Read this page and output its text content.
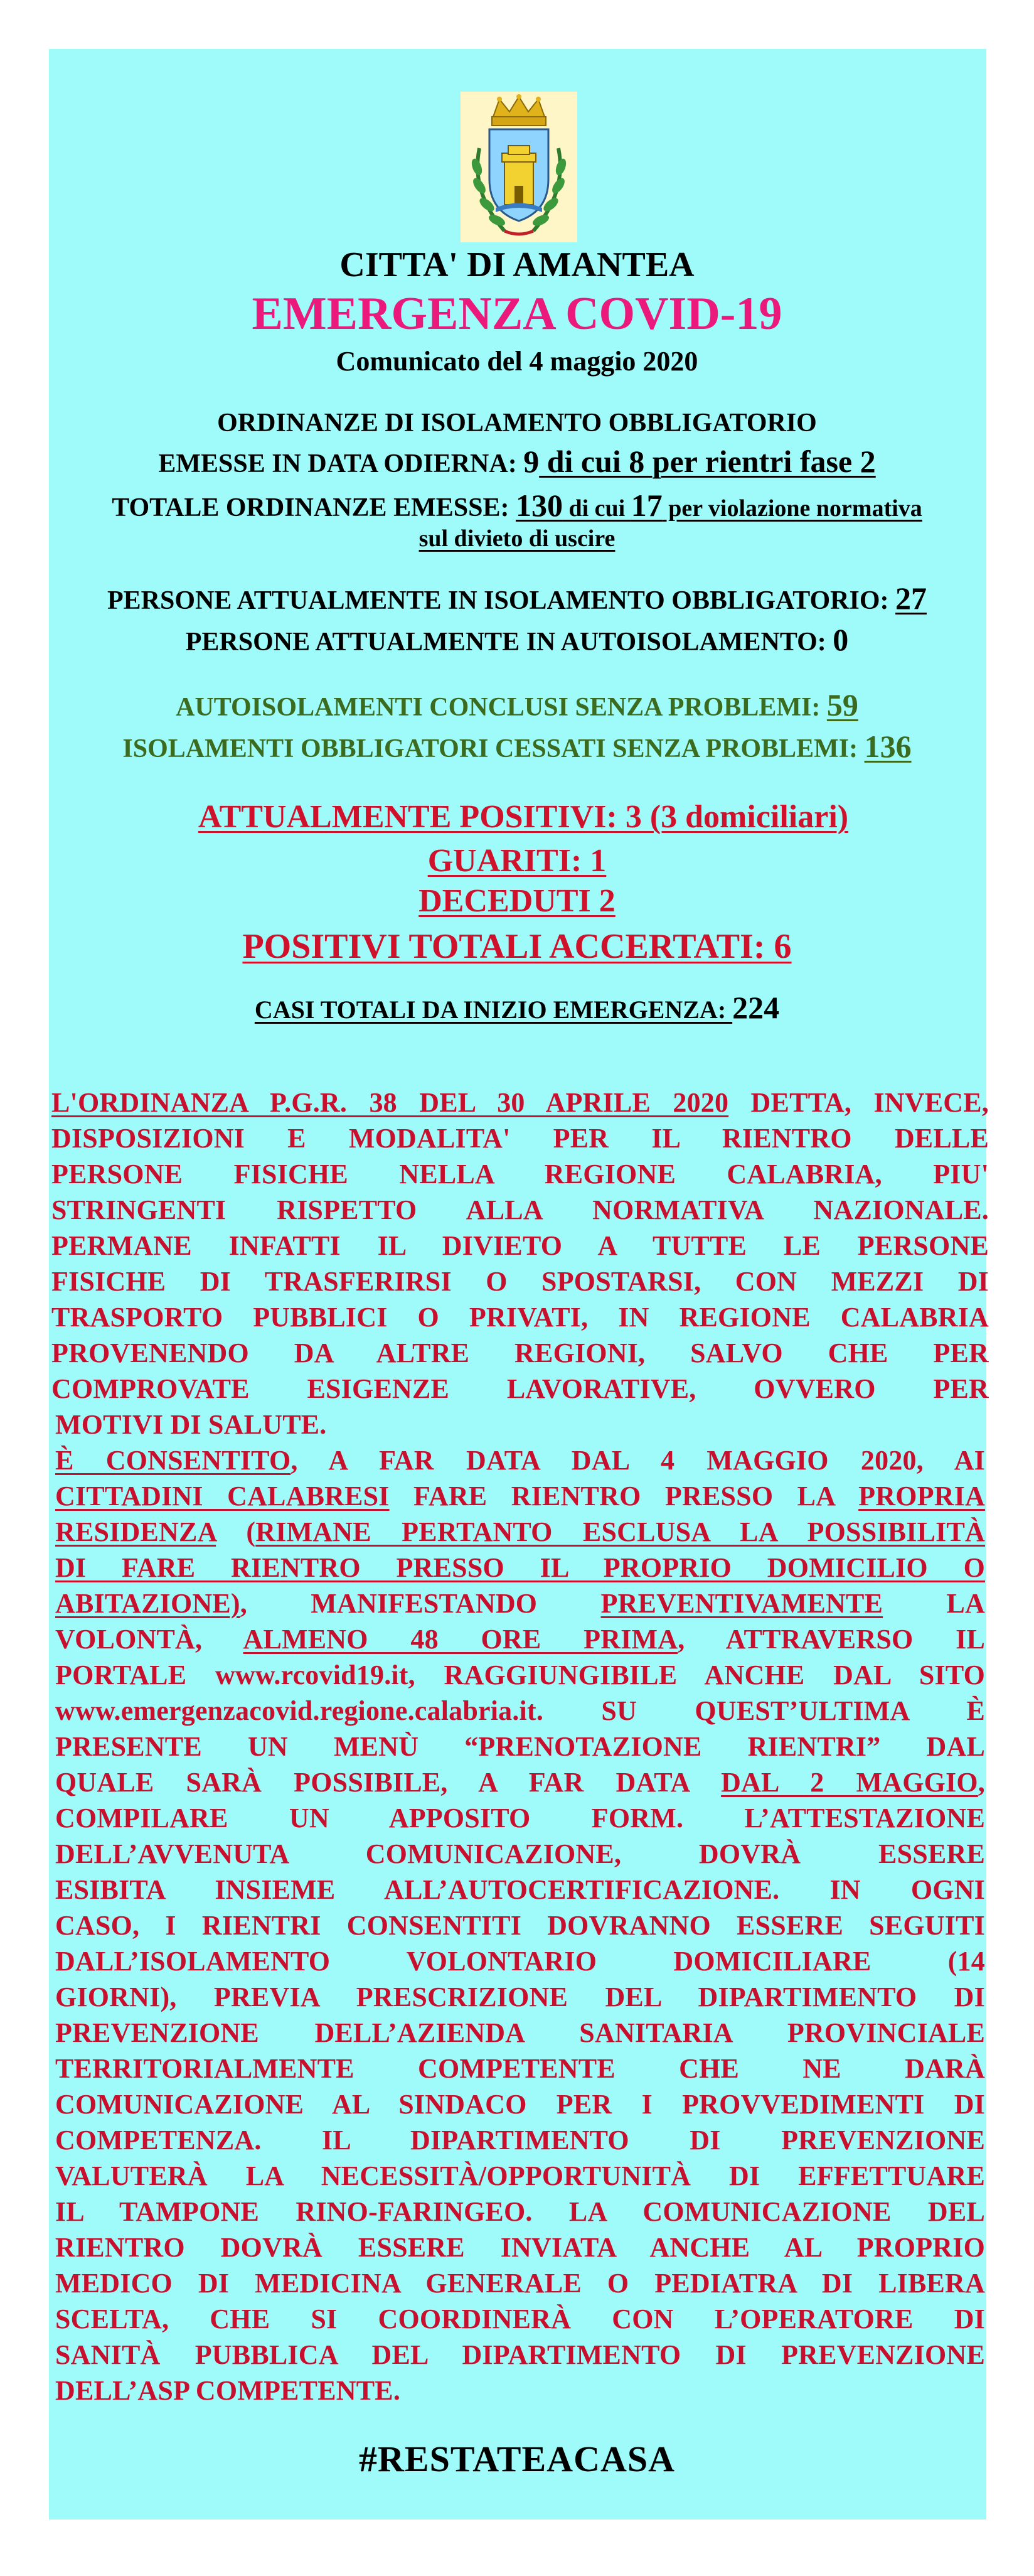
CITTA' DI AMANTEA
EMERGENZA COVID-19
Comunicato del 4 maggio 2020
ORDINANZE DI ISOLAMENTO OBBLIGATORIO
EMESSE IN DATA ODIERNA: 9 di cui 8 per rientri fase 2
TOTALE ORDINANZE EMESSE: 130 di cui 17 per violazione normativa
sul divieto di uscire
PERSONE ATTUALMENTE IN ISOLAMENTO OBBLIGATORIO: 27
PERSONE ATTUALMENTE IN AUTOISOLAMENTO: 0
AUTOISOLAMENTI CONCLUSI SENZA PROBLEMI: 59
ISOLAMENTI OBBLIGATORI CESSATI SENZA PROBLEMI: 136
ATTUALMENTE POSITIVI: 3 (3 domiciliari)
GUARITI: 1
DECEDUTI 2
POSITIVI TOTALI ACCERTATI: 6
CASI TOTALI DA INIZIO EMERGENZA: 224
L'ORDINANZA P.G.R. 38 DEL 30 APRILE 2020 DETTA, INVECE,
DISPOSIZIONI E MODALITA' PER IL RIENTRO DELLE
PERSONE FISICHE NELLA REGIONE CALABRIA, PIU'
STRINGENTI RISPETTO ALLA NORMATIVA NAZIONALE.
PERMANE INFATTI IL DIVIETO A TUTTE LE PERSONE
FISICHE DI TRASFERIRSI O SPOSTARSI, CON MEZZI DI
TRASPORTO PUBBLICI O PRIVATI, IN REGIONE CALABRIA
PROVENENDO DA ALTRE REGIONI, SALVO CHE PER
COMPROVATE ESIGENZE LAVORATIVE, OVVERO PER
MOTIVI DI SALUTE.
È CONSENTITO, A FAR DATA DAL 4 MAGGIO 2020, AI
CITTADINI CALABRESI FARE RIENTRO PRESSO LA PROPRIA
RESIDENZA (RIMANE PERTANTO ESCLUSA LA POSSIBILITÀ
DI FARE RIENTRO PRESSO IL PROPRIO DOMICILIO O
ABITAZIONE), MANIFESTANDO PREVENTIVAMENTE LA
VOLONTÀ, ALMENO 48 ORE PRIMA, ATTRAVERSO IL
PORTALE www.rcovid19.it, RAGGIUNGIBILE ANCHE DAL SITO
www.emergenzacovid.regione.calabria.it. SU QUEST’ULTIMA È
PRESENTE UN MENÙ “PRENOTAZIONE RIENTRI” DAL
QUALE SARÀ POSSIBILE, A FAR DATA DAL 2 MAGGIO,
COMPILARE UN APPOSITO FORM. L’ATTESTAZIONE
DELL’AVVENUTA COMUNICAZIONE, DOVRÀ ESSERE
ESIBITA INSIEME ALL’AUTOCERTIFICAZIONE. IN OGNI
CASO, I RIENTRI CONSENTITI DOVRANNO ESSERE SEGUITI
DALL’ISOLAMENTO VOLONTARIO DOMICILIARE (14
GIORNI), PREVIA PRESCRIZIONE DEL DIPARTIMENTO DI
PREVENZIONE DELL’AZIENDA SANITARIA PROVINCIALE
TERRITORIALMENTE COMPETENTE CHE NE DARÀ
COMUNICAZIONE AL SINDACO PER I PROVVEDIMENTI DI
COMPETENZA. IL DIPARTIMENTO DI PREVENZIONE
VALUTERÀ LA NECESSITÀ/OPPORTUNITÀ DI EFFETTUARE
IL TAMPONE RINO-FARINGEO. LA COMUNICAZIONE DEL
RIENTRO DOVRÀ ESSERE INVIATA ANCHE AL PROPRIO
MEDICO DI MEDICINA GENERALE O PEDIATRA DI LIBERA
SCELTA, CHE SI COORDINERÀ CON L’OPERATORE DI
SANITÀ PUBBLICA DEL DIPARTIMENTO DI PREVENZIONE
DELL’ASP COMPETENTE.
#RESTATEACASA
